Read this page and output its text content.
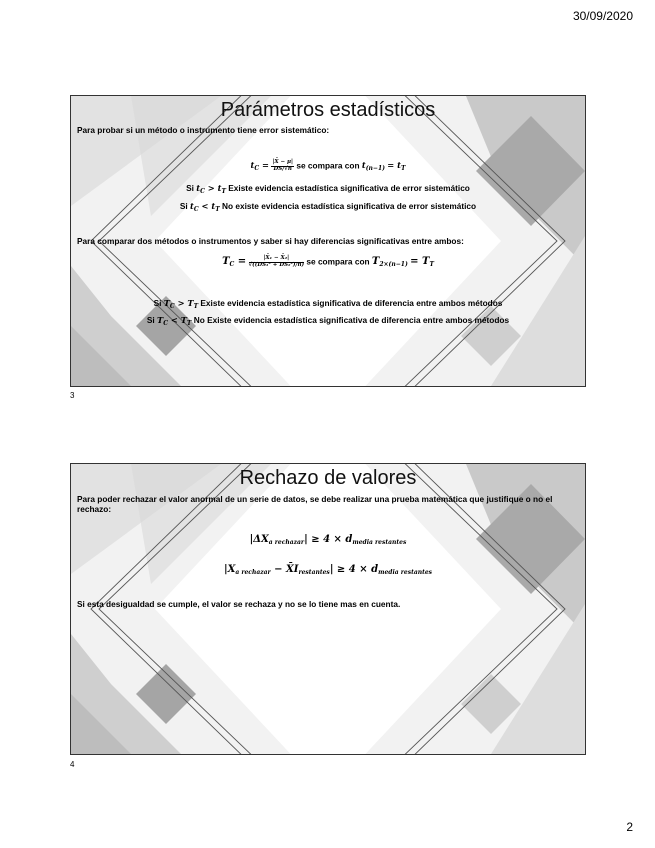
30/09/2020
Parámetros estadísticos
Para probar si un método o instrumento tiene error sistemático:
$t_C = \frac{|X̄ - \mu|}{DS/√n}$ se compara con $t_{(n-1)} = t_T$
Si $t_C > t_T$ Existe evidencia estadística significativa de error sistemático
Si $t_C < t_T$ No existe evidencia estadística significativa de error sistemático
Para comparar dos métodos o instrumentos y saber si hay diferencias significativas entre ambos:
$T_C = \frac{\text{|X̄₁ − X̄₂|}}{\text{√((DS₁² + DS₂²)/n)}}$ se compara con $T_{2\times(n-1)} = T_T$
Si $T_C > T_T$ Existe evidencia estadística significativa de diferencia entre ambos métodos
Si $T_C < T_T$ No Existe evidencia estadística significativa de diferencia entre ambos métodos
3
Rechazo de valores
Para poder rechazar el valor anormal de un serie de datos, se debe realizar una prueba matemática que justifique o no el rechazo:
$|\Delta X_{a rechazar}| \ge 4 \times d_{media restantes}$
$|X_{a rechazar}$ − $X̄I_{restantes}| \ge 4 \times d_{media restantes}$
Si esta desigualdad se cumple, el valor se rechaza y no se lo tiene mas en cuenta.
4
2
